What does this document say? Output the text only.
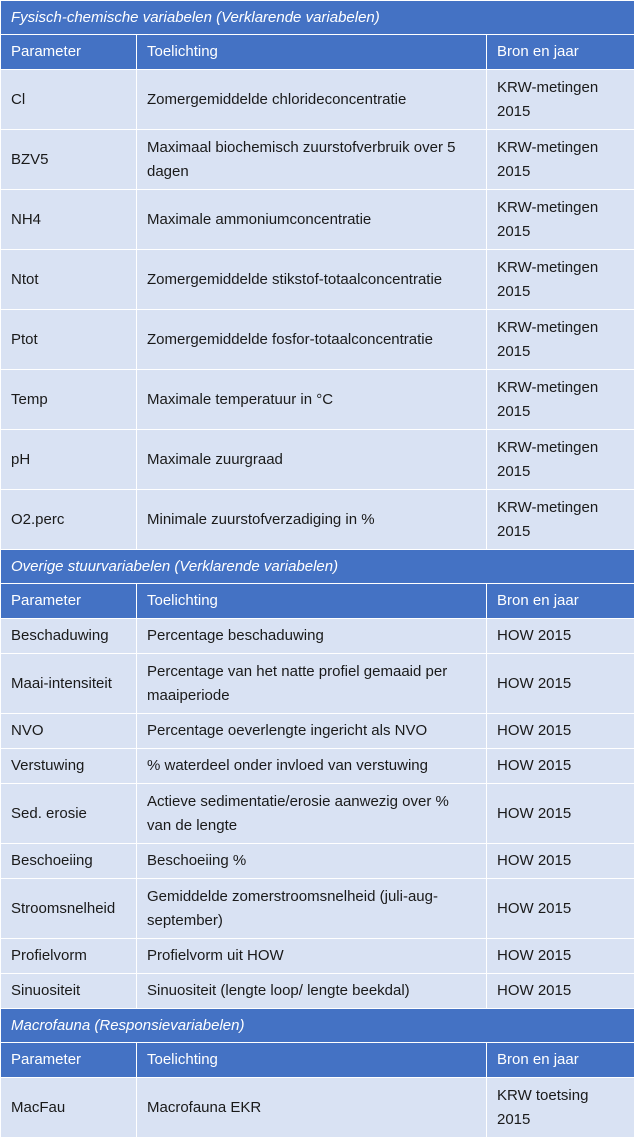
Fysisch-chemische variabelen (Verklarende variabelen)		
Parameter	Toelichting	Bron en jaar
Cl	Zomergemiddelde chlorideconcentratie	KRW-metingen 2015
BZV5	Maximaal biochemisch zuurstofverbruik over 5 dagen	KRW-metingen 2015
NH4	Maximale ammoniumconcentratie	KRW-metingen 2015
Ntot	Zomergemiddelde stikstof-totaalconcentratie	KRW-metingen 2015
Ptot	Zomergemiddelde fosfor-totaalconcentratie	KRW-metingen 2015
Temp	Maximale temperatuur in °C	KRW-metingen 2015
pH	Maximale zuurgraad	KRW-metingen 2015
O2.perc	Minimale zuurstofverzadiging in %	KRW-metingen 2015
Overige stuurvariabelen (Verklarende variabelen)		
Parameter	Toelichting	Bron en jaar
Beschaduwing	Percentage beschaduwing	HOW 2015
Maai-intensiteit	Percentage van het natte profiel gemaaid per maaiperiode	HOW 2015
NVO	Percentage oeverlengte ingericht als NVO	HOW 2015
Verstuwing	% waterdeel onder invloed van verstuwing	HOW 2015
Sed. erosie	Actieve sedimentatie/erosie aanwezig over % van de lengte	HOW 2015
Beschoeiing	Beschoeiing %	HOW 2015
Stroomsnelheid	Gemiddelde zomerstroomsnelheid (juli-aug-september)	HOW 2015
Profielvorm	Profielvorm uit HOW	HOW 2015
Sinuositeit	Sinuositeit (lengte loop/ lengte beekdal)	HOW 2015
Macrofauna (Responsievariabelen)		
Parameter	Toelichting	Bron en jaar
MacFau	Macrofauna EKR	KRW toetsing 2015
